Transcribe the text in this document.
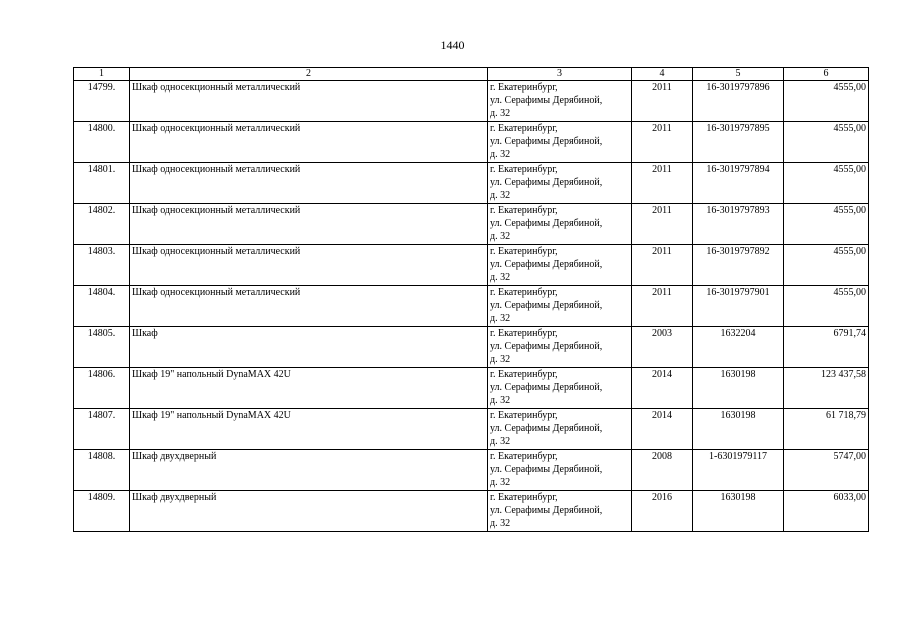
1440
1	2	3	4	5	6
14799.	Шкаф односекционный металлический	г. Екатеринбург,
ул. Серафимы Дерябиной,
д. 32	2011	16-3019797896	4555,00
14800.	Шкаф односекционный металлический	г. Екатеринбург,
ул. Серафимы Дерябиной,
д. 32	2011	16-3019797895	4555,00
14801.	Шкаф односекционный металлический	г. Екатеринбург,
ул. Серафимы Дерябиной,
д. 32	2011	16-3019797894	4555,00
14802.	Шкаф односекционный металлический	г. Екатеринбург,
ул. Серафимы Дерябиной,
д. 32	2011	16-3019797893	4555,00
14803.	Шкаф односекционный металлический	г. Екатеринбург,
ул. Серафимы Дерябиной,
д. 32	2011	16-3019797892	4555,00
14804.	Шкаф односекционный металлический	г. Екатеринбург,
ул. Серафимы Дерябиной,
д. 32	2011	16-3019797901	4555,00
14805.	Шкаф	г. Екатеринбург,
ул. Серафимы Дерябиной,
д. 32	2003	1632204	6791,74
14806.	Шкаф 19" напольный DynaMAX 42U	г. Екатеринбург,
ул. Серафимы Дерябиной,
д. 32	2014	1630198	123 437,58
14807.	Шкаф 19" напольный DynaMAX 42U	г. Екатеринбург,
ул. Серафимы Дерябиной,
д. 32	2014	1630198	61 718,79
14808.	Шкаф двухдверный	г. Екатеринбург,
ул. Серафимы Дерябиной,
д. 32	2008	1-6301979117	5747,00
14809.	Шкаф двухдверный	г. Екатеринбург,
ул. Серафимы Дерябиной,
д. 32	2016	1630198	6033,00
